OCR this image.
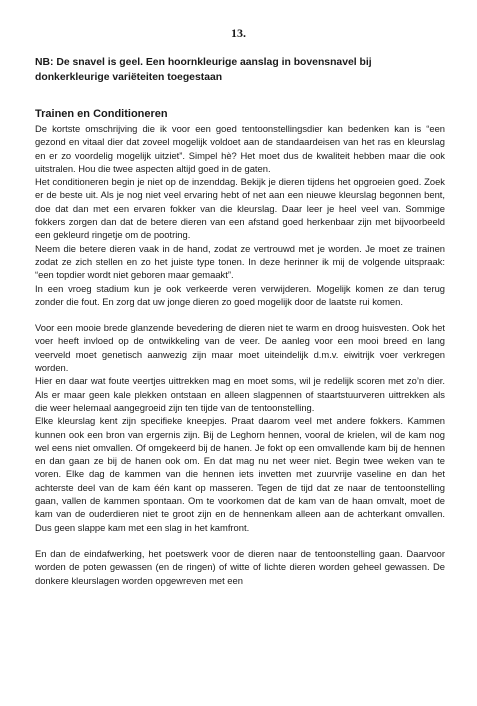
13.

NB: De snavel is geel. Een hoornkleurige aanslag in bovensnavel bij donkerkleurige variëteiten toegestaan

Trainen en Conditioneren

De kortste omschrijving die ik voor een goed tentoonstellingsdier kan bedenken kan is “een gezond en vitaal dier dat zoveel mogelijk voldoet aan de standaardeisen van het ras en kleurslag en er zo voordelig mogelijk uitziet”. Simpel hè? Het moet dus de kwaliteit hebben maar die ook uitstralen. Hou die twee aspecten altijd goed in de gaten.

Het conditioneren begin je niet op de inzenddag. Bekijk je dieren tijdens het opgroeien goed. Zoek er de beste uit. Als je nog niet veel ervaring hebt of net aan een nieuwe kleurslag begonnen bent, doe dat dan met een ervaren fokker van die kleurslag. Daar leer je heel veel van. Sommige fokkers zorgen dan dat de betere dieren van een afstand goed herkenbaar zijn met bijvoorbeeld een gekleurd ringetje om de pootring.

Neem die betere dieren vaak in de hand, zodat ze vertrouwd met je worden. Je moet ze trainen zodat ze zich stellen en zo het juiste type tonen. In deze herinner ik mij de volgende uitspraak: “een topdier wordt niet geboren maar gemaakt”.

In een vroeg stadium kun je ook verkeerde veren verwijderen. Mogelijk komen ze dan terug zonder die fout. En zorg dat uw jonge dieren zo goed mogelijk door de laatste rui komen.

Voor een mooie brede glanzende bevedering de dieren niet te warm en droog huisvesten. Ook het voer heeft invloed op de ontwikkeling van de veer. De aanleg voor een mooi breed en lang veerveld moet genetisch aanwezig zijn maar moet uiteindelijk d.m.v. eiwitrijk voer verkregen worden.

Hier en daar wat foute veertjes uittrekken mag en moet soms, wil je redelijk scoren met zo’n dier. Als er maar geen kale plekken ontstaan en alleen slagpennen of staartstuurveren uittrekken als die weer helemaal aangegroeid zijn ten tijde van de tentoonstelling.

Elke kleurslag kent zijn specifieke kneepjes. Praat daarom veel met andere fokkers. Kammen kunnen ook een bron van ergernis zijn. Bij de Leghorn hennen, vooral de krielen, wil de kam nog wel eens niet omvallen. Of omgekeerd bij de hanen. Je fokt op een omvallende kam bij de hennen en dan gaan ze bij de hanen ook om. En dat mag nu net weer niet. Begin twee weken van te voren. Elke dag de kammen van die hennen iets invetten met zuurvrije vaseline en dan het achterste deel van de kam één kant op masseren. Tegen de tijd dat ze naar de tentoonstelling gaan, vallen de kammen spontaan. Om te voorkomen dat de kam van de haan omvalt, moet de kam van de ouderdieren niet te groot zijn en de hennenkam alleen aan de achterkant omvallen. Dus geen slappe kam met een slag in het kamfront.

En dan de eindafwerking, het poetswerk voor de dieren naar de tentoonstelling gaan. Daarvoor worden de poten gewassen (en de ringen) of witte of lichte dieren worden geheel gewassen. De donkere kleurslagen worden opgewreven met een
